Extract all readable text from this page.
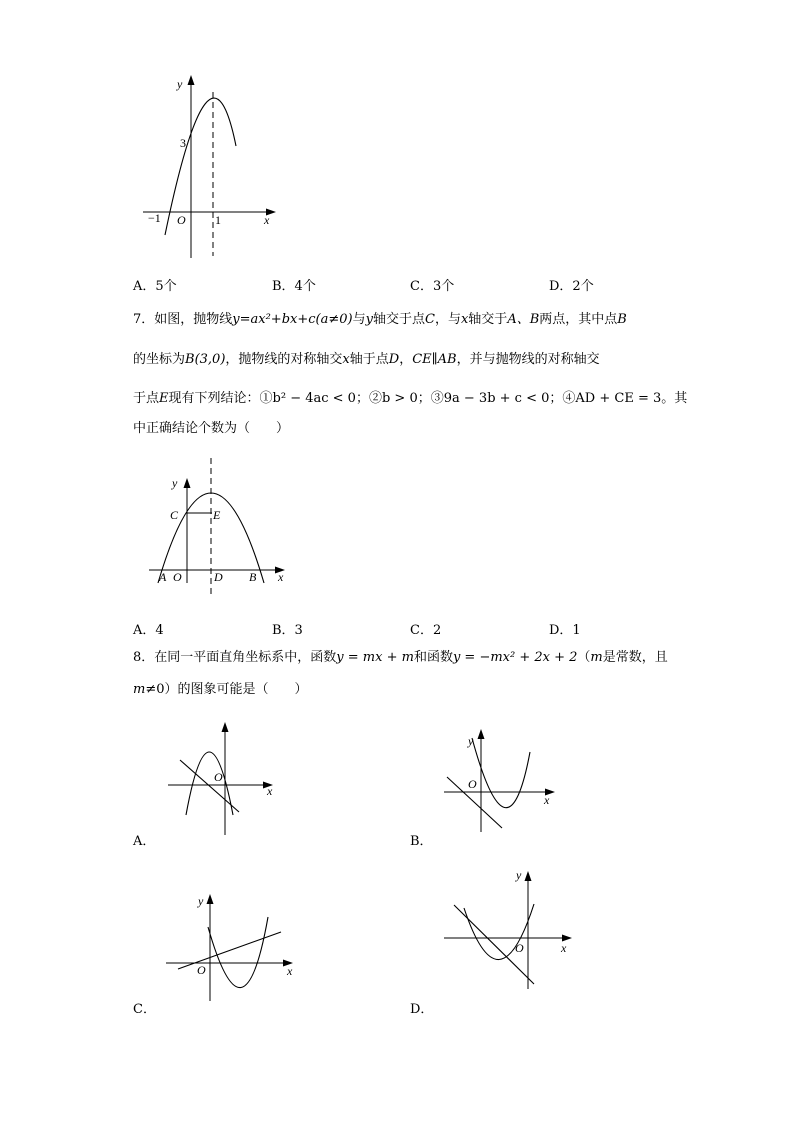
y
3
−1 O 1	x
A．5个	B．4个	C．3个	D．2个
7．如图，抛物线y=ax²+bx+c(a≠0)与y轴交于点C，与x轴交于A、B两点，其中点B
的坐标为B(3,0)，抛物线的对称轴交x轴于点D，CE∥AB，并与抛物线的对称轴交
于点E现有下列结论：①b² − 4ac < 0；②b > 0；③9a − 3b + c < 0；④AD + CE = 3。其
中正确结论个数为（　　）
y
C	E
A O	D B x
A．4	B．3	C．2	D．1
8．在同一平面直角坐标系中，函数y = mx + m和函数y = −mx² + 2x + 2（m是常数，且
m≠0）的图象可能是（　　）
O
x
A．
y
O
x
B．
y
O	x
C．
y
O	x
D．
